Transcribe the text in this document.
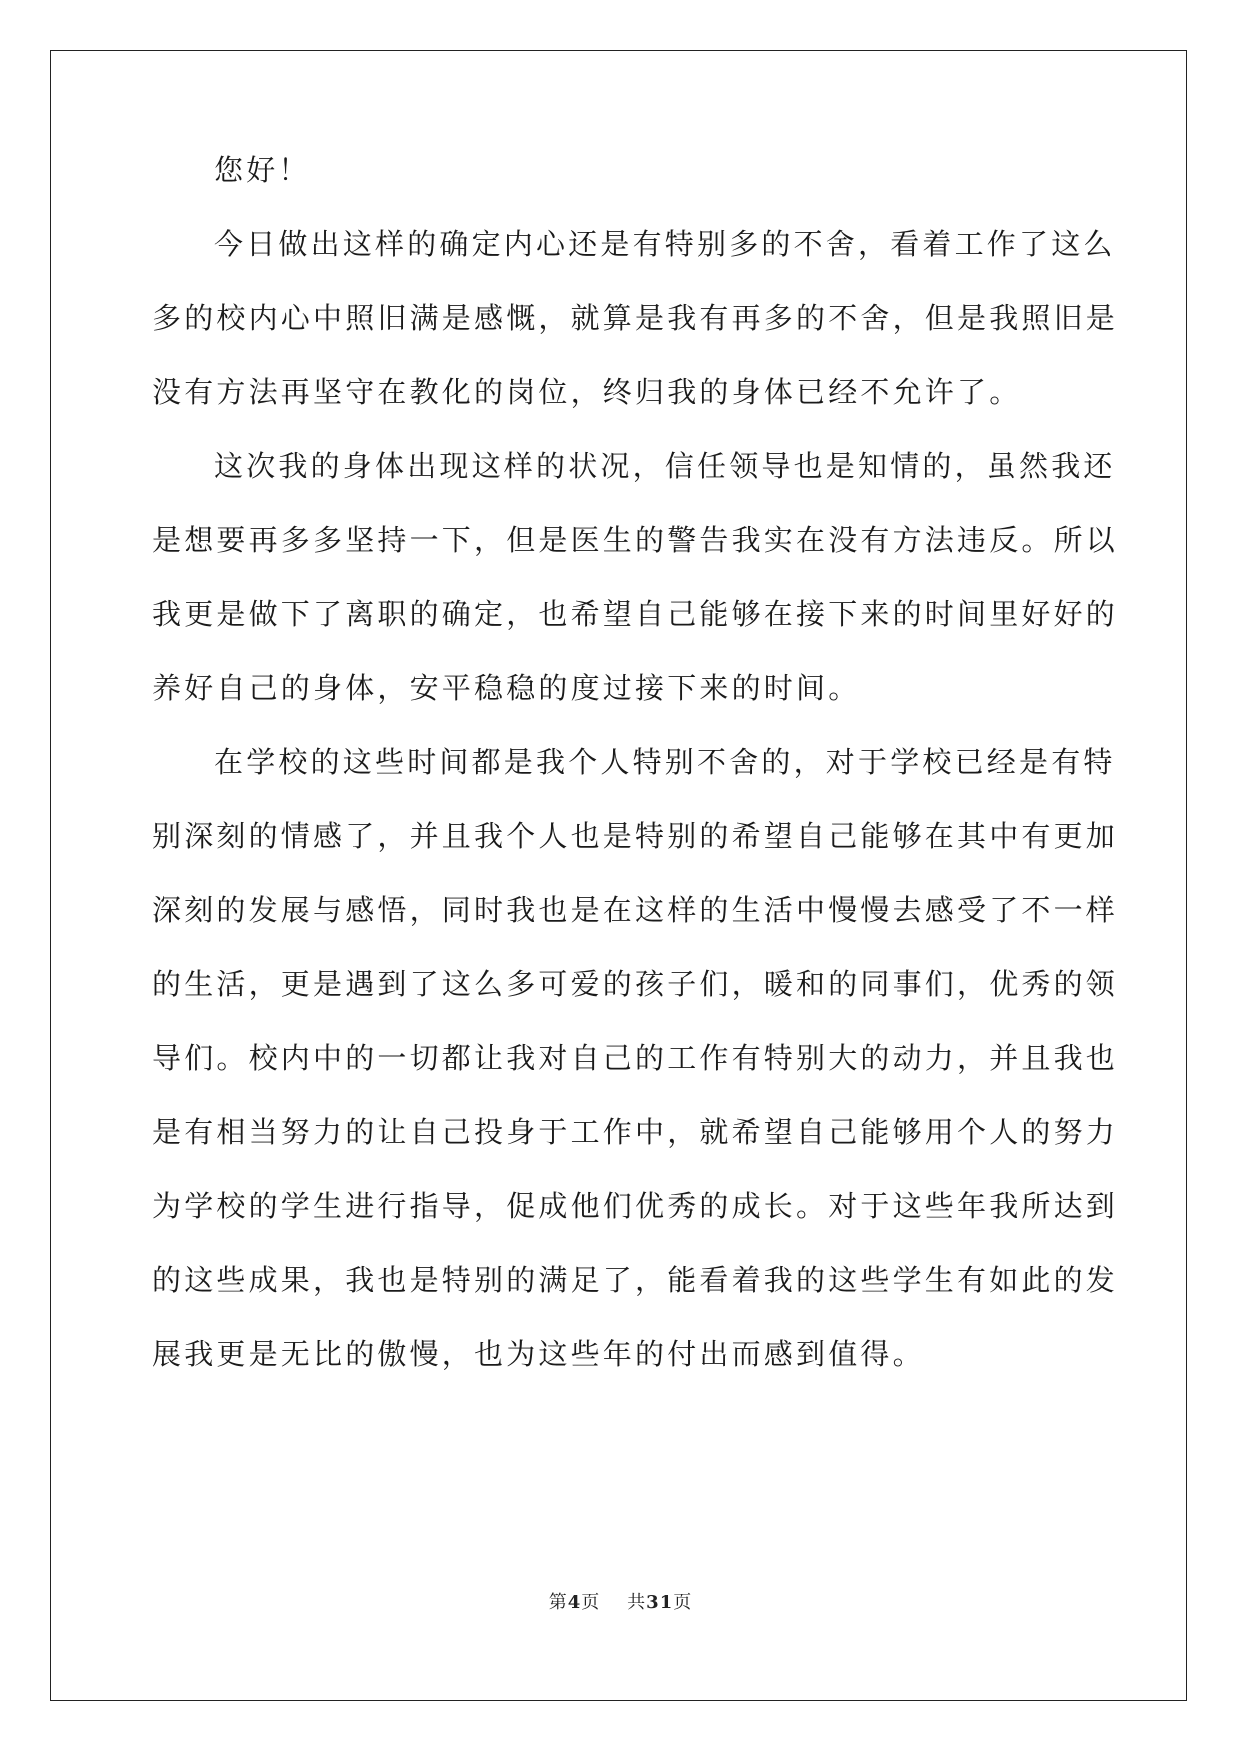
您好！
今日做出这样的确定内心还是有特别多的不舍，看着工作了这么
多的校内心中照旧满是感慨，就算是我有再多的不舍，但是我照旧是
没有方法再坚守在教化的岗位，终归我的身体已经不允许了。
这次我的身体出现这样的状况，信任领导也是知情的，虽然我还
是想要再多多坚持一下，但是医生的警告我实在没有方法违反。所以
我更是做下了离职的确定，也希望自己能够在接下来的时间里好好的
养好自己的身体，安平稳稳的度过接下来的时间。
在学校的这些时间都是我个人特别不舍的，对于学校已经是有特
别深刻的情感了，并且我个人也是特别的希望自己能够在其中有更加
深刻的发展与感悟，同时我也是在这样的生活中慢慢去感受了不一样
的生活，更是遇到了这么多可爱的孩子们，暖和的同事们，优秀的领
导们。校内中的一切都让我对自己的工作有特别大的动力，并且我也
是有相当努力的让自己投身于工作中，就希望自己能够用个人的努力
为学校的学生进行指导，促成他们优秀的成长。对于这些年我所达到
的这些成果，我也是特别的满足了，能看着我的这些学生有如此的发
展我更是无比的傲慢，也为这些年的付出而感到值得。
第4页 共31页
